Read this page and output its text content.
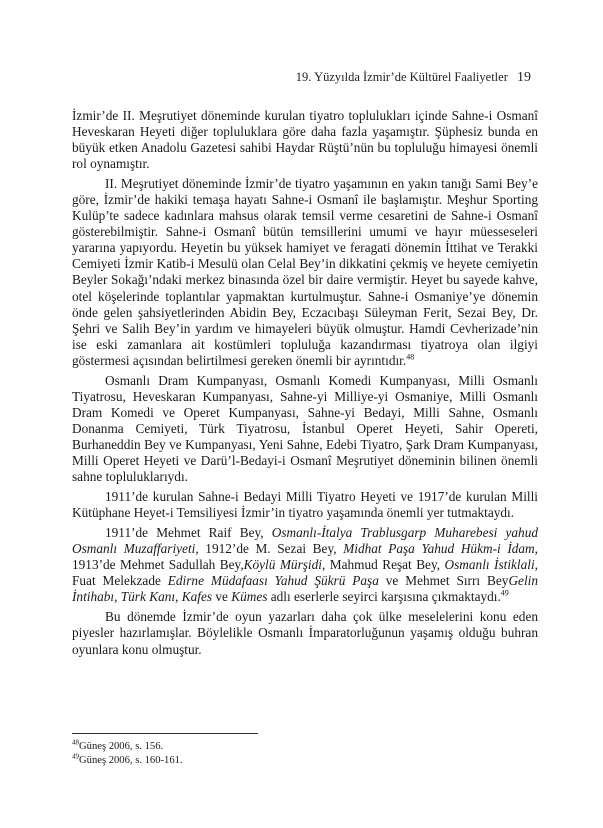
19. Yüzyılda İzmir’de Kültürel Faaliyetler 19

İzmir’de II. Meşrutiyet döneminde kurulan tiyatro toplulukları içinde Sahne-i Osmanî Heveskaran Heyeti diğer topluluklara göre daha fazla yaşamıştır. Şüphesiz bunda en büyük etken Anadolu Gazetesi sahibi Haydar Rüştü’nün bu topluluğu himayesi önemli rol oynamıştır.

II. Meşrutiyet döneminde İzmir’de tiyatro yaşamının en yakın tanığı Sami Bey’e göre, İzmir’de hakiki temaşa hayatı Sahne-i Osmanî ile başlamıştır. Meşhur Sporting Kulüp’te sadece kadınlara mahsus olarak temsil verme cesaretini de Sahne-i Osmanî gösterebilmiştir. Sahne-i Osmanî bütün temsillerini umumi ve hayır müesseseleri yararına yapıyordu. Heyetin bu yüksek hamiyet ve feragati dönemin İttihat ve Terakki Cemiyeti İzmir Katib-i Mesulü olan Celal Bey’in dikkatini çekmiş ve heyete cemiyetin Beyler Sokağı’ndaki merkez binasında özel bir daire vermiştir. Heyet bu sayede kahve, otel köşelerinde toplantılar yapmaktan kurtulmuştur. Sahne-i Osmaniye’ye dönemin önde gelen şahsiyetlerinden Abidin Bey, Eczacıbaşı Süleyman Ferit, Sezai Bey, Dr. Şehri ve Salih Bey’in yardım ve himayeleri büyük olmuştur. Hamdi Cevherizade’nin ise eski zamanlara ait kostümleri topluluğa kazandırması tiyatroya olan ilgiyi göstermesi açısından belirtilmesi gereken önemli bir ayrıntıdır.$^{48}$

Osmanlı Dram Kumpanyası, Osmanlı Komedi Kumpanyası, Milli Osmanlı Tiyatrosu, Heveskaran Kumpanyası, Sahne-yi Milliye-yi Osmaniye, Milli Osmanlı Dram Komedi ve Operet Kumpanyası, Sahne-yi Bedayi, Milli Sahne, Osmanlı Donanma Cemiyeti, Türk Tiyatrosu, İstanbul Operet Heyeti, Sahir Opereti, Burhaneddin Bey ve Kumpanyası, Yeni Sahne, Edebi Tiyatro, Şark Dram Kumpanyası, Milli Operet Heyeti ve Darü’l-Bedayi-i Osmanî Meşrutiyet döneminin bilinen önemli sahne topluluklarıydı.

1911’de kurulan Sahne-i Bedayi Milli Tiyatro Heyeti ve 1917’de kurulan Milli Kütüphane Heyet-i Temsiliyesi İzmir’in tiyatro yaşamında önemli yer tutmaktaydı.

1911’de Mehmet Raif Bey, Osmanlı-İtalya Trablusgarp Muharebesi yahud Osmanlı Muzaffariyeti, 1912’de M. Sezai Bey, Midhat Paşa Yahud Hükm-i İdam, 1913’de Mehmet Sadullah Bey,Köylü Mürşidi, Mahmud Reşat Bey, Osmanlı İstiklali, Fuat Melekzade Edirne Müdafaası Yahud Şükrü Paşa ve Mehmet Sırrı BeyGelin İntihabı, Türk Kanı, Kafes ve Kümes adlı eserlerle seyirci karşısına çıkmaktaydı.$^{49}$

Bu dönemde İzmir’de oyun yazarları daha çok ülke meselelerini konu eden piyesler hazırlamışlar. Böylelikle Osmanlı İmparatorluğunun yaşamış olduğu buhran oyunlara konu olmuştur.

$^{48}$Güneş 2006, s. 156.
$^{49}$Güneş 2006, s. 160-161.
